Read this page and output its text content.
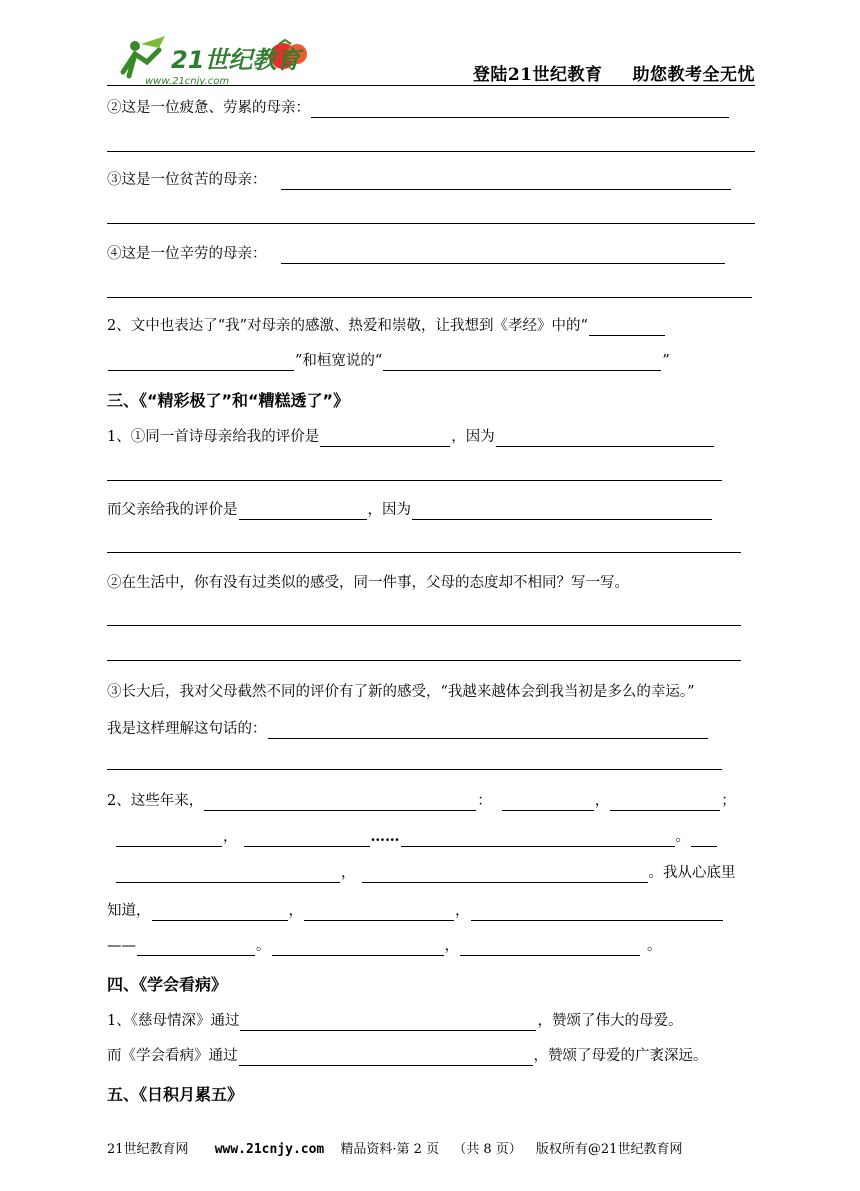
21世纪教育
www.21cnjy.com	登陆21世纪教育 助您教考全无忧
②这是一位疲惫、劳累的母亲：
③这是一位贫苦的母亲：
④这是一位辛劳的母亲：
2、文中也表达了“我”对母亲的感激、热爱和崇敬，让我想到《孝经》中的“
”和桓宽说的“	”
三、《“精彩极了”和“糟糕透了”》
1、①同一首诗母亲给我的评价是	，因为
而父亲给我的评价是	，因为
②在生活中，你有没有过类似的感受，同一件事，父母的态度却不相同？写一写。
③长大后，我对父母截然不同的评价有了新的感受，“我越来越体会到我当初是多么的幸运。”
我是这样理解这句话的：
2、这些年来，	：	，	；
，	……	。
，	。我从心底里
知道，	，	，
——	。	，	。
四、《学会看病》
1、《慈母情深》通过	，赞颂了伟大的母爱。
而《学会看病》通过	，赞颂了母爱的广袤深远。
五、《日积月累五》
21世纪教育网 www.21cnjy.com 精品资料·第 2 页 （共 8 页） 版权所有@21世纪教育网
